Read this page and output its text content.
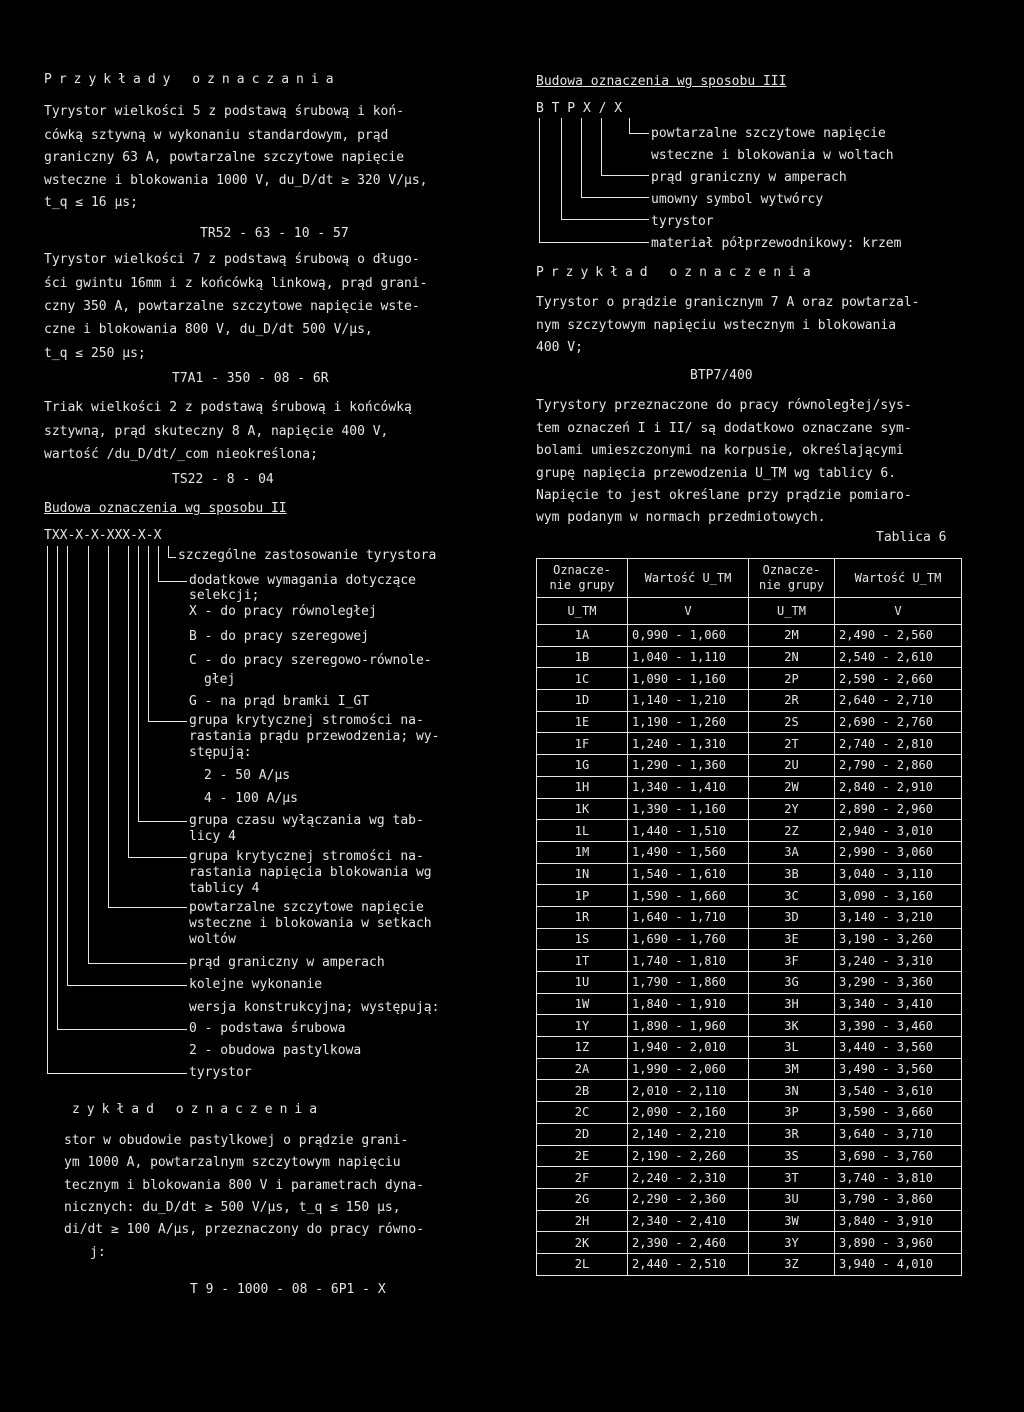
Przykłady oznaczania
Tyrystor wielkości 5 z podstawą śrubową i koń-
cówką sztywną w wykonaniu standardowym, prąd
graniczny 63 A, powtarzalne szczytowe napięcie
wsteczne i blokowania 1000 V, du_D/dt ≥ 320 V/µs,
t_q ≤ 16 µs;
TR52 - 63 - 10 - 57
Tyrystor wielkości 7 z podstawą śrubową o długo-
ści gwintu 16mm i z końcówką linkową, prąd grani-
czny 350 A, powtarzalne szczytowe napięcie wste-
czne i blokowania 800 V, du_D/dt 500 V/µs,
t_q ≤ 250 µs;
T7A1 - 350 - 08 - 6R
Triak wielkości 2 z podstawą śrubową i końcówką
sztywną, prąd skuteczny 8 A, napięcie 400 V,
wartość /du_D/dt/_com nieokreślona;
TS22 - 8 - 04
Budowa oznaczenia wg sposobu II
TXX-X-X-XXX-X-X
szczególne zastosowanie tyrystora
dodatkowe wymagania dotyczące
selekcji;
X - do pracy równoległej
B - do pracy szeregowej
C - do pracy szeregowo-równole-
głej
G - na prąd bramki I_GT
grupa krytycznej stromości na-
rastania prądu przewodzenia; wy-
stępują:
2 - 50 A/µs
4 - 100 A/µs
grupa czasu wyłączania wg tab-
licy 4
grupa krytycznej stromości na-
rastania napięcia blokowania wg
tablicy 4
powtarzalne szczytowe napięcie
wsteczne i blokowania w setkach
woltów
prąd graniczny w amperach
kolejne wykonanie
wersja konstrukcyjna; występują:
0 - podstawa śrubowa
2 - obudowa pastylkowa
tyrystor
zykład oznaczenia
stor w obudowie pastylkowej o prądzie grani-
ym 1000 A, powtarzalnym szczytowym napięciu
tecznym i blokowania 800 V i parametrach dyna-
nicznych: du_D/dt ≥ 500 V/µs, t_q ≤ 150 µs,
di/dt ≥ 100 A/µs, przeznaczony do pracy równo-
j:
T 9 - 1000 - 08 - 6P1 - X
Budowa oznaczenia wg sposobu III
B T P X / X
powtarzalne szczytowe napięcie
wsteczne i blokowania w woltach
prąd graniczny w amperach
umowny symbol wytwórcy
tyrystor
materiał półprzewodnikowy: krzem
Przykład oznaczenia
Tyrystor o prądzie granicznym 7 A oraz powtarzal-
nym szczytowym napięciu wstecznym i blokowania
400 V;
BTP7/400
Tyrystory przeznaczone do pracy równoległej/sys-
tem oznaczeń I i II/ są dodatkowo oznaczane sym-
bolami umieszczonymi na korpusie, określającymi
grupę napięcia przewodzenia U_TM wg tablicy 6.
Napięcie to jest określane przy prądzie pomiaro-
wym podanym w normach przedmiotowych.
Tablica 6
Oznacze-
nie grupy	Wartość U_TM	Oznacze-
nie grupy	Wartość U_TM
U_TM	V	U_TM	V
1A	0,990 - 1,060	2M	2,490 - 2,560
1B	1,040 - 1,110	2N	2,540 - 2,610
1C	1,090 - 1,160	2P	2,590 - 2,660
1D	1,140 - 1,210	2R	2,640 - 2,710
1E	1,190 - 1,260	2S	2,690 - 2,760
1F	1,240 - 1,310	2T	2,740 - 2,810
1G	1,290 - 1,360	2U	2,790 - 2,860
1H	1,340 - 1,410	2W	2,840 - 2,910
1K	1,390 - 1,160	2Y	2,890 - 2,960
1L	1,440 - 1,510	2Z	2,940 - 3,010
1M	1,490 - 1,560	3A	2,990 - 3,060
1N	1,540 - 1,610	3B	3,040 - 3,110
1P	1,590 - 1,660	3C	3,090 - 3,160
1R	1,640 - 1,710	3D	3,140 - 3,210
1S	1,690 - 1,760	3E	3,190 - 3,260
1T	1,740 - 1,810	3F	3,240 - 3,310
1U	1,790 - 1,860	3G	3,290 - 3,360
1W	1,840 - 1,910	3H	3,340 - 3,410
1Y	1,890 - 1,960	3K	3,390 - 3,460
1Z	1,940 - 2,010	3L	3,440 - 3,560
2A	1,990 - 2,060	3M	3,490 - 3,560
2B	2,010 - 2,110	3N	3,540 - 3,610
2C	2,090 - 2,160	3P	3,590 - 3,660
2D	2,140 - 2,210	3R	3,640 - 3,710
2E	2,190 - 2,260	3S	3,690 - 3,760
2F	2,240 - 2,310	3T	3,740 - 3,810
2G	2,290 - 2,360	3U	3,790 - 3,860
2H	2,340 - 2,410	3W	3,840 - 3,910
2K	2,390 - 2,460	3Y	3,890 - 3,960
2L	2,440 - 2,510	3Z	3,940 - 4,010
